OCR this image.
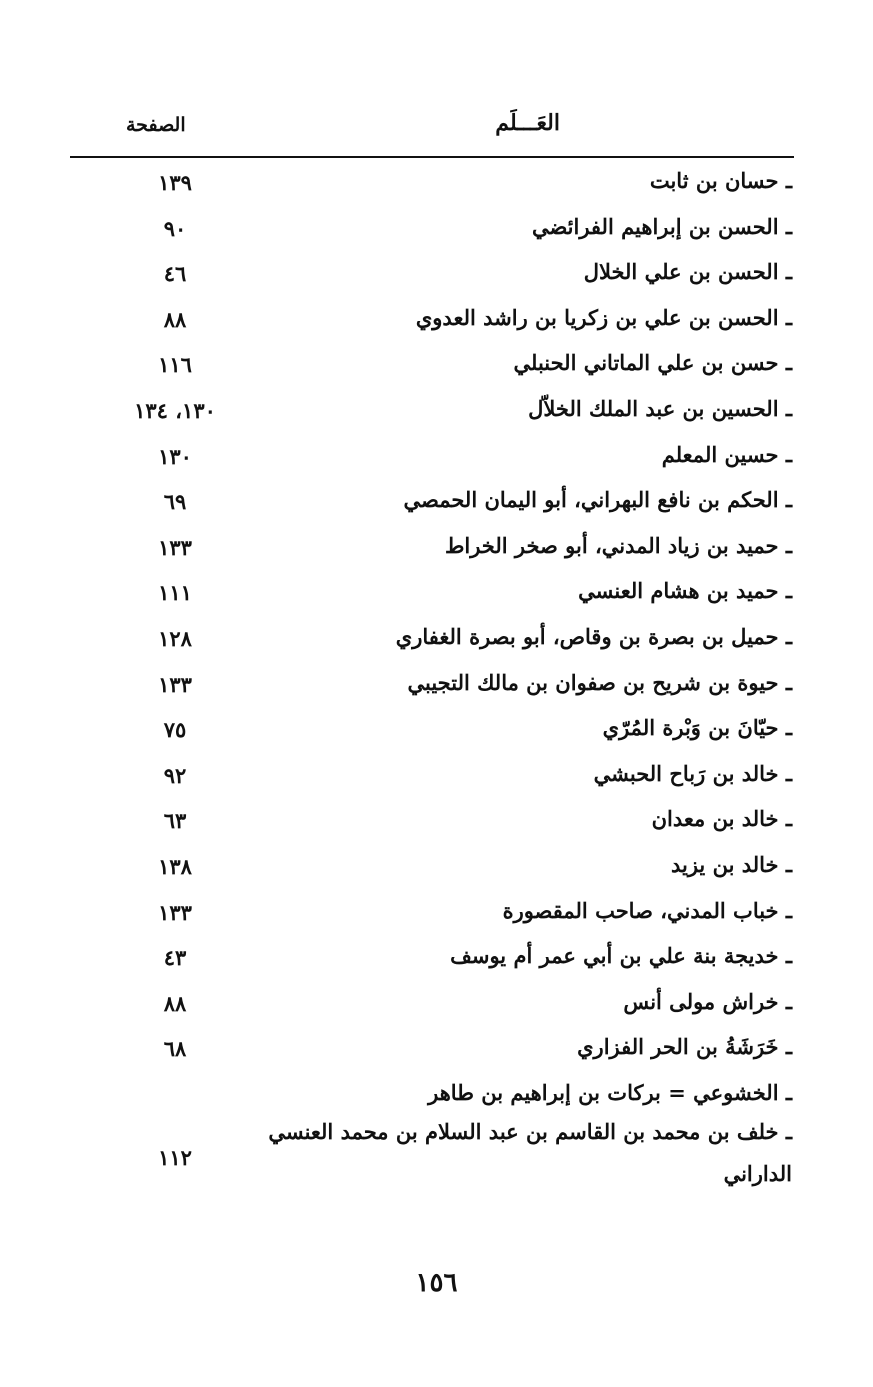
العَـــلَم
الصفحة
ـ حسان بن ثابت
١٣٩
ـ الحسن بن إبراهيم الفرائضي
٩٠
ـ الحسن بن علي الخلال
٤٦
ـ الحسن بن علي بن زكريا بن راشد العدوي
٨٨
ـ حسن بن علي الماتاني الحنبلي
١١٦
ـ الحسين بن عبد الملك الخلاّل
١٣٠، ١٣٤
ـ حسين المعلم
١٣٠
ـ الحكم بن نافع البهراني، أبو اليمان الحمصي
٦٩
ـ حميد بن زياد المدني، أبو صخر الخراط
١٣٣
ـ حميد بن هشام العنسي
١١١
ـ حميل بن بصرة بن وقاص، أبو بصرة الغفاري
١٢٨
ـ حيوة بن شريح بن صفوان بن مالك التجيبي
١٣٣
ـ حيّانَ بن وَبْرة المُرّي
٧٥
ـ خالد بن رَباح الحبشي
٩٢
ـ خالد بن معدان
٦٣
ـ خالد بن يزيد
١٣٨
ـ خباب المدني، صاحب المقصورة
١٣٣
ـ خديجة بنة علي بن أبي عمر أم يوسف
٤٣
ـ خراش مولى أنس
٨٨
ـ خَرَشَةُ بن الحر الفزاري
٦٨
ـ الخشوعي = بركات بن إبراهيم بن طاهر
ـ خلف بن محمد بن القاسم بن عبد السلام بن محمد العنسي الداراني
١١٢
١٥٦
